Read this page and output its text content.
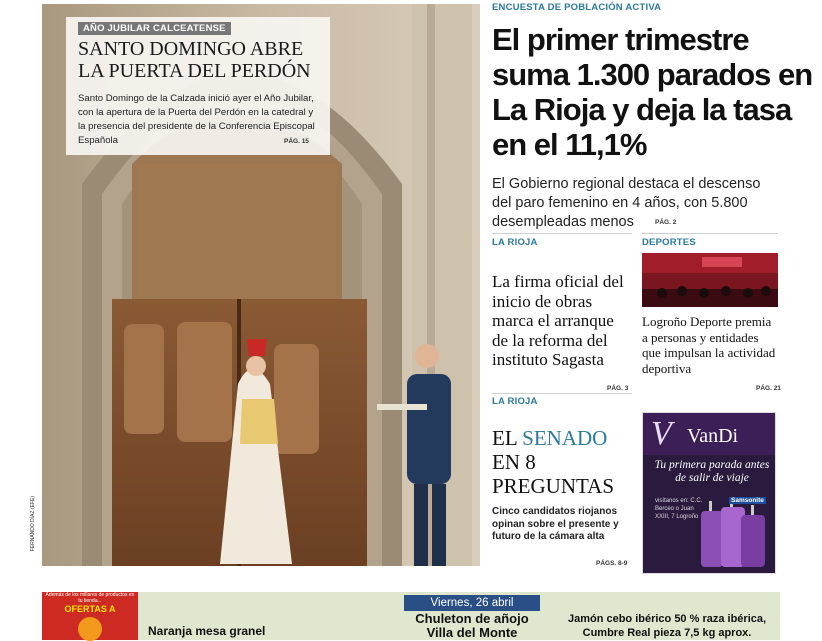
FERNANDO DÍAZ (EFE)
AÑO JUBILAR CALCEATENSE
SANTO DOMINGO ABRE LA PUERTA DEL PERDÓN
Santo Domingo de la Calzada inició ayer el Año Jubilar, con la apertura de la Puerta del Perdón en la catedral y la presencia del presidente de la Conferencia Episcopal Española	PÁG. 15
ENCUESTA DE POBLACIÓN ACTIVA
El primer trimestre suma 1.300 parados en La Rioja y deja la tasa en el 11,1%
El Gobierno regional destaca el descenso del paro femenino en 4 años, con 5.800 desempleadas menos	PÁG. 2
LA RIOJA
La firma oficial del inicio de obras marca el arranque de la reforma del instituto Sagasta
PÁG. 3
DEPORTES
Logroño Deporte premia a personas y entidades que impulsan la actividad deportiva
PÁG. 21
LA RIOJA
EL SENADO
EN 8 PREGUNTAS
Cinco candidatos riojanos opinan sobre el presente y futuro de la cámara alta
PÁGS. 8-9
V VanDi
Tu primera parada antes de salir de viaje
visítanos en: C.C. Berceo o Juan XXIII, 7 Logroño
Samsonite
Además de los millares de productos en tu tienda...
OFERTAS A
Naranja mesa granel
Viernes, 26 abril
Chuleton de añojo Villa del Monte
Jamón cebo ibérico 50 % raza ibérica, Cumbre Real pieza 7,5 kg aprox.
